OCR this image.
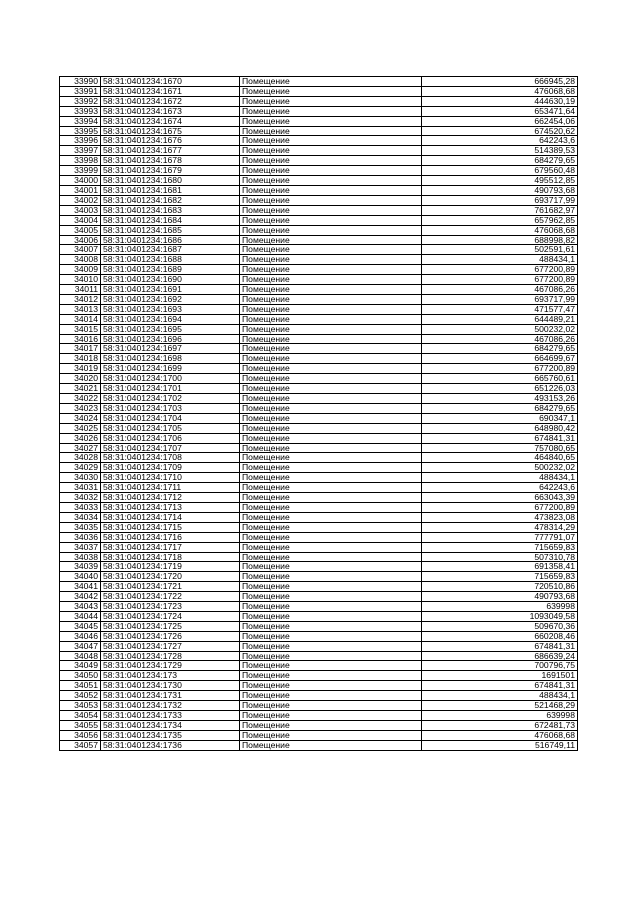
33990	58:31:0401234:1670	Помещение	666945,28
33991	58:31:0401234:1671	Помещение	476068,68
33992	58:31:0401234:1672	Помещение	444630,19
33993	58:31:0401234:1673	Помещение	653471,64
33994	58:31:0401234:1674	Помещение	662454,06
33995	58:31:0401234:1675	Помещение	674520,62
33996	58:31:0401234:1676	Помещение	642243,6
33997	58:31:0401234:1677	Помещение	514389,53
33998	58:31:0401234:1678	Помещение	684279,65
33999	58:31:0401234:1679	Помещение	679560,48
34000	58:31:0401234:1680	Помещение	495512,85
34001	58:31:0401234:1681	Помещение	490793,68
34002	58:31:0401234:1682	Помещение	693717,99
34003	58:31:0401234:1683	Помещение	761682,97
34004	58:31:0401234:1684	Помещение	657962,85
34005	58:31:0401234:1685	Помещение	476068,68
34006	58:31:0401234:1686	Помещение	688998,82
34007	58:31:0401234:1687	Помещение	502591,61
34008	58:31:0401234:1688	Помещение	488434,1
34009	58:31:0401234:1689	Помещение	677200,89
34010	58:31:0401234:1690	Помещение	677200,89
34011	58:31:0401234:1691	Помещение	467086,26
34012	58:31:0401234:1692	Помещение	693717,99
34013	58:31:0401234:1693	Помещение	471577,47
34014	58:31:0401234:1694	Помещение	644489,21
34015	58:31:0401234:1695	Помещение	500232,02
34016	58:31:0401234:1696	Помещение	467086,26
34017	58:31:0401234:1697	Помещение	684279,65
34018	58:31:0401234:1698	Помещение	664699,67
34019	58:31:0401234:1699	Помещение	677200,89
34020	58:31:0401234:1700	Помещение	665760,61
34021	58:31:0401234:1701	Помещение	651226,03
34022	58:31:0401234:1702	Помещение	493153,26
34023	58:31:0401234:1703	Помещение	684279,65
34024	58:31:0401234:1704	Помещение	690347,1
34025	58:31:0401234:1705	Помещение	648980,42
34026	58:31:0401234:1706	Помещение	674841,31
34027	58:31:0401234:1707	Помещение	757080,65
34028	58:31:0401234:1708	Помещение	464840,65
34029	58:31:0401234:1709	Помещение	500232,02
34030	58:31:0401234:1710	Помещение	488434,1
34031	58:31:0401234:1711	Помещение	642243,6
34032	58:31:0401234:1712	Помещение	663043,39
34033	58:31:0401234:1713	Помещение	677200,89
34034	58:31:0401234:1714	Помещение	473823,08
34035	58:31:0401234:1715	Помещение	478314,29
34036	58:31:0401234:1716	Помещение	777791,07
34037	58:31:0401234:1717	Помещение	715659,83
34038	58:31:0401234:1718	Помещение	507310,78
34039	58:31:0401234:1719	Помещение	691358,41
34040	58:31:0401234:1720	Помещение	715659,83
34041	58:31:0401234:1721	Помещение	720510,86
34042	58:31:0401234:1722	Помещение	490793,68
34043	58:31:0401234:1723	Помещение	639998
34044	58:31:0401234:1724	Помещение	1093049,58
34045	58:31:0401234:1725	Помещение	509670,36
34046	58:31:0401234:1726	Помещение	660208,46
34047	58:31:0401234:1727	Помещение	674841,31
34048	58:31:0401234:1728	Помещение	686639,24
34049	58:31:0401234:1729	Помещение	700796,75
34050	58:31:0401234:173	Помещение	1691501
34051	58:31:0401234:1730	Помещение	674841,31
34052	58:31:0401234:1731	Помещение	488434,1
34053	58:31:0401234:1732	Помещение	521468,29
34054	58:31:0401234:1733	Помещение	639998
34055	58:31:0401234:1734	Помещение	672481,73
34056	58:31:0401234:1735	Помещение	476068,68
34057	58:31:0401234:1736	Помещение	516749,11
